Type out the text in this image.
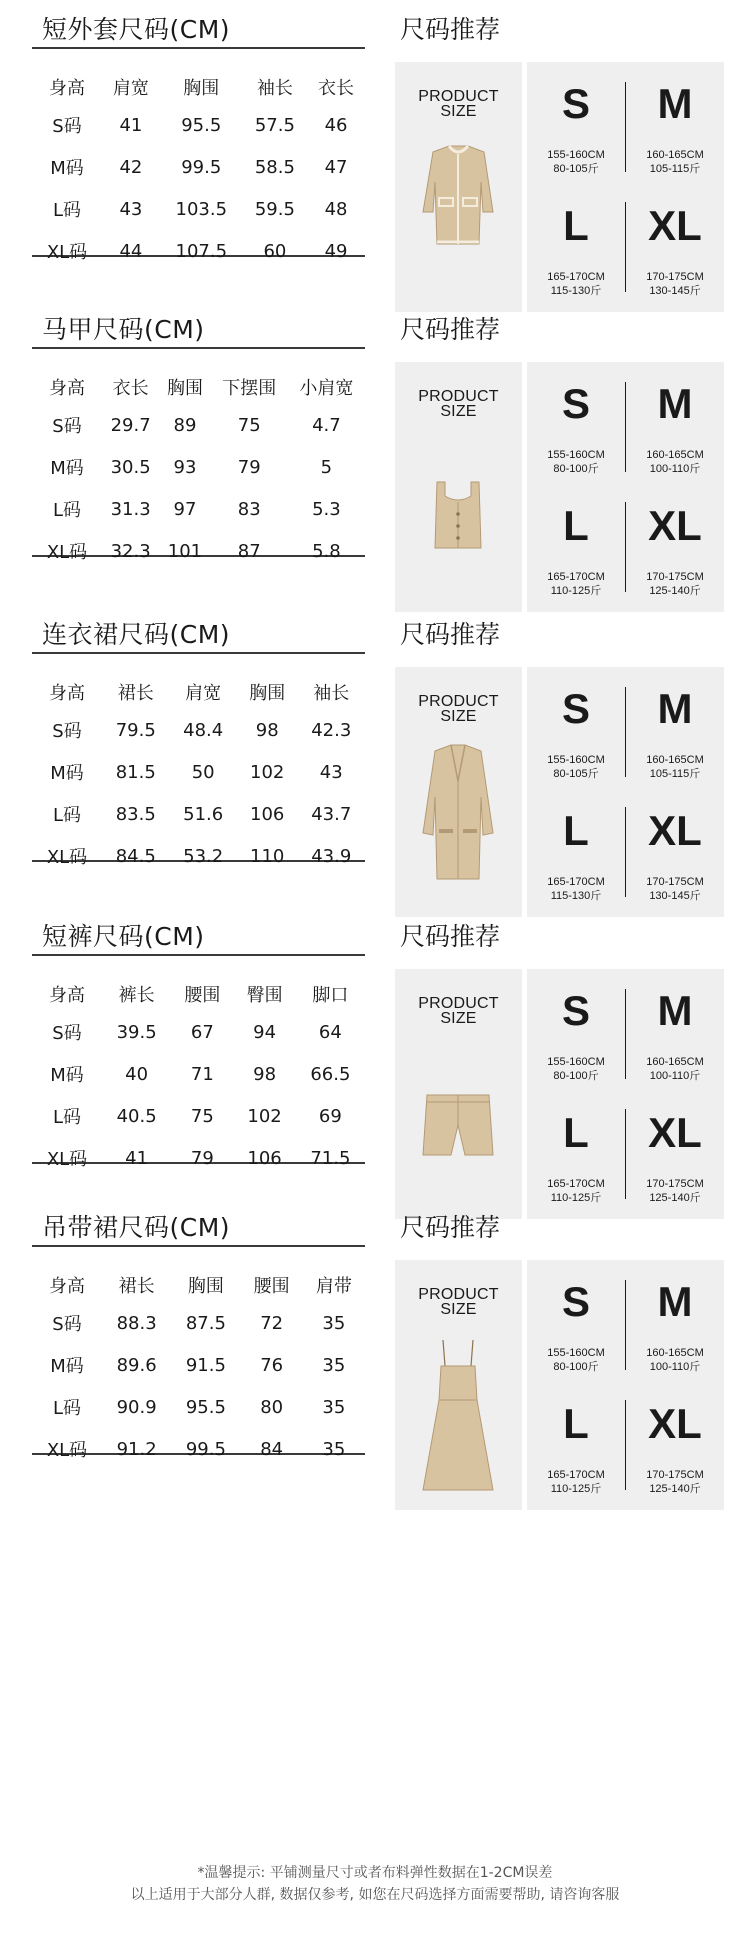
短外套尺码(CM)	尺码推荐
身高	肩宽	胸围	袖长	衣长
S码	41	95.5	57.5	46
M码	42	99.5	58.5	47
L码	43	103.5	59.5	48
XL码	44	107.5	60	49
PRODUCT
SIZE	S
155-160CM
80-105斤
M
160-165CM
105-115斤
L
165-170CM
115-130斤
XL
170-175CM
130-145斤
马甲尺码(CM)	尺码推荐
身高	衣长	胸围	下摆围	小肩宽
S码	29.7	89	75	4.7
M码	30.5	93	79	5
L码	31.3	97	83	5.3
XL码	32.3	101	87	5.8
PRODUCT
SIZE	S
155-160CM
80-100斤
M
160-165CM
100-110斤
L
165-170CM
110-125斤
XL
170-175CM
125-140斤
连衣裙尺码(CM)	尺码推荐
身高	裙长	肩宽	胸围	袖长
S码	79.5	48.4	98	42.3
M码	81.5	50	102	43
L码	83.5	51.6	106	43.7
XL码	84.5	53.2	110	43.9
PRODUCT
SIZE	S
155-160CM
80-105斤
M
160-165CM
105-115斤
L
165-170CM
115-130斤
XL
170-175CM
130-145斤
短裤尺码(CM)	尺码推荐
身高	裤长	腰围	臀围	脚口
S码	39.5	67	94	64
M码	40	71	98	66.5
L码	40.5	75	102	69
XL码	41	79	106	71.5
PRODUCT
SIZE	S
155-160CM
80-100斤
M
160-165CM
100-110斤
L
165-170CM
110-125斤
XL
170-175CM
125-140斤
吊带裙尺码(CM)	尺码推荐
身高	裙长	胸围	腰围	肩带
S码	88.3	87.5	72	35
M码	89.6	91.5	76	35
L码	90.9	95.5	80	35
XL码	91.2	99.5	84	35
PRODUCT
SIZE	S
155-160CM
80-100斤
M
160-165CM
100-110斤
L
165-170CM
110-125斤
XL
170-175CM
125-140斤
*温馨提示: 平铺测量尺寸或者布料弹性数据在1-2CM误差
以上适用于大部分人群, 数据仅参考, 如您在尺码选择方面需要帮助, 请咨询客服
